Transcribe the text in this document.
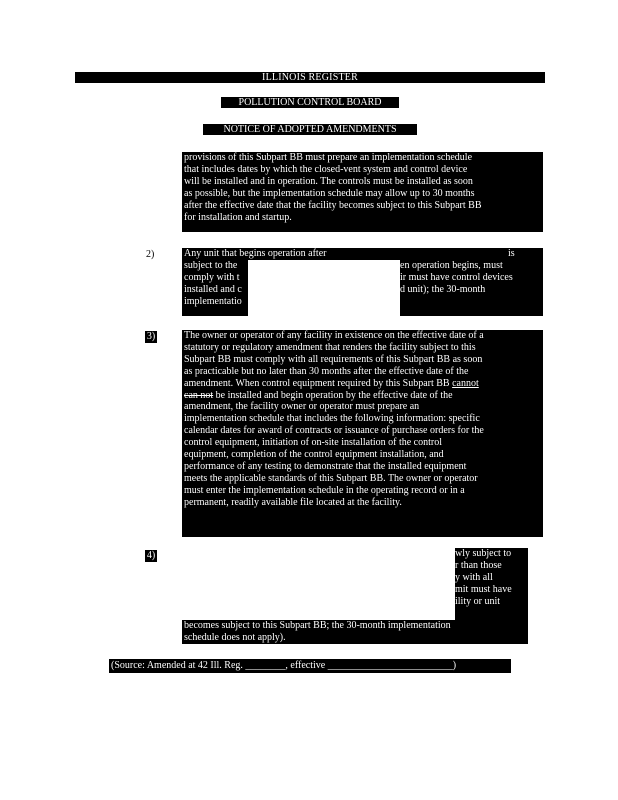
ILLINOIS REGISTER
POLLUTION CONTROL BOARD
NOTICE OF ADOPTED AMENDMENTS

provisions of this Subpart BB must prepare an implementation schedule

that includes dates by which the closed-vent system and control device

will be installed and in operation. The controls must be installed as soon

as possible, but the implementation schedule may allow up to 30 months

after the effective date that the facility becomes subject to this Subpart BB

for installation and startup.

2)	Any unit that begins operation after	is
subject to the
comply with t
installed and c
implementatio
en operation begins, must
ir must have control devices
d unit); the 30-month
3)	The owner or operator of any facility in existence on the effective date of a

statutory or regulatory amendment that renders the facility subject to this

Subpart BB must comply with all requirements of this Subpart BB as soon

as practicable but no later than 30 months after the effective date of the

amendment. When control equipment required by this Subpart BB cannot

can not be installed and begin operation by the effective date of the

amendment, the facility owner or operator must prepare an

implementation schedule that includes the following information: specific

calendar dates for award of contracts or issuance of purchase orders for the

control equipment, initiation of on-site installation of the control

equipment, completion of the control equipment installation, and

performance of any testing to demonstrate that the installed equipment

meets the applicable standards of this Subpart BB. The owner or operator

must enter the implementation schedule in the operating record or in a

permanent, readily available file located at the facility.

4)	wly subject to
r than those
y with all
mit must have
ility or unit
becomes subject to this Subpart BB; the 30-month implementation
schedule does not apply).
(Source: Amended at 42 Ill. Reg. ________, effective _________________________)
